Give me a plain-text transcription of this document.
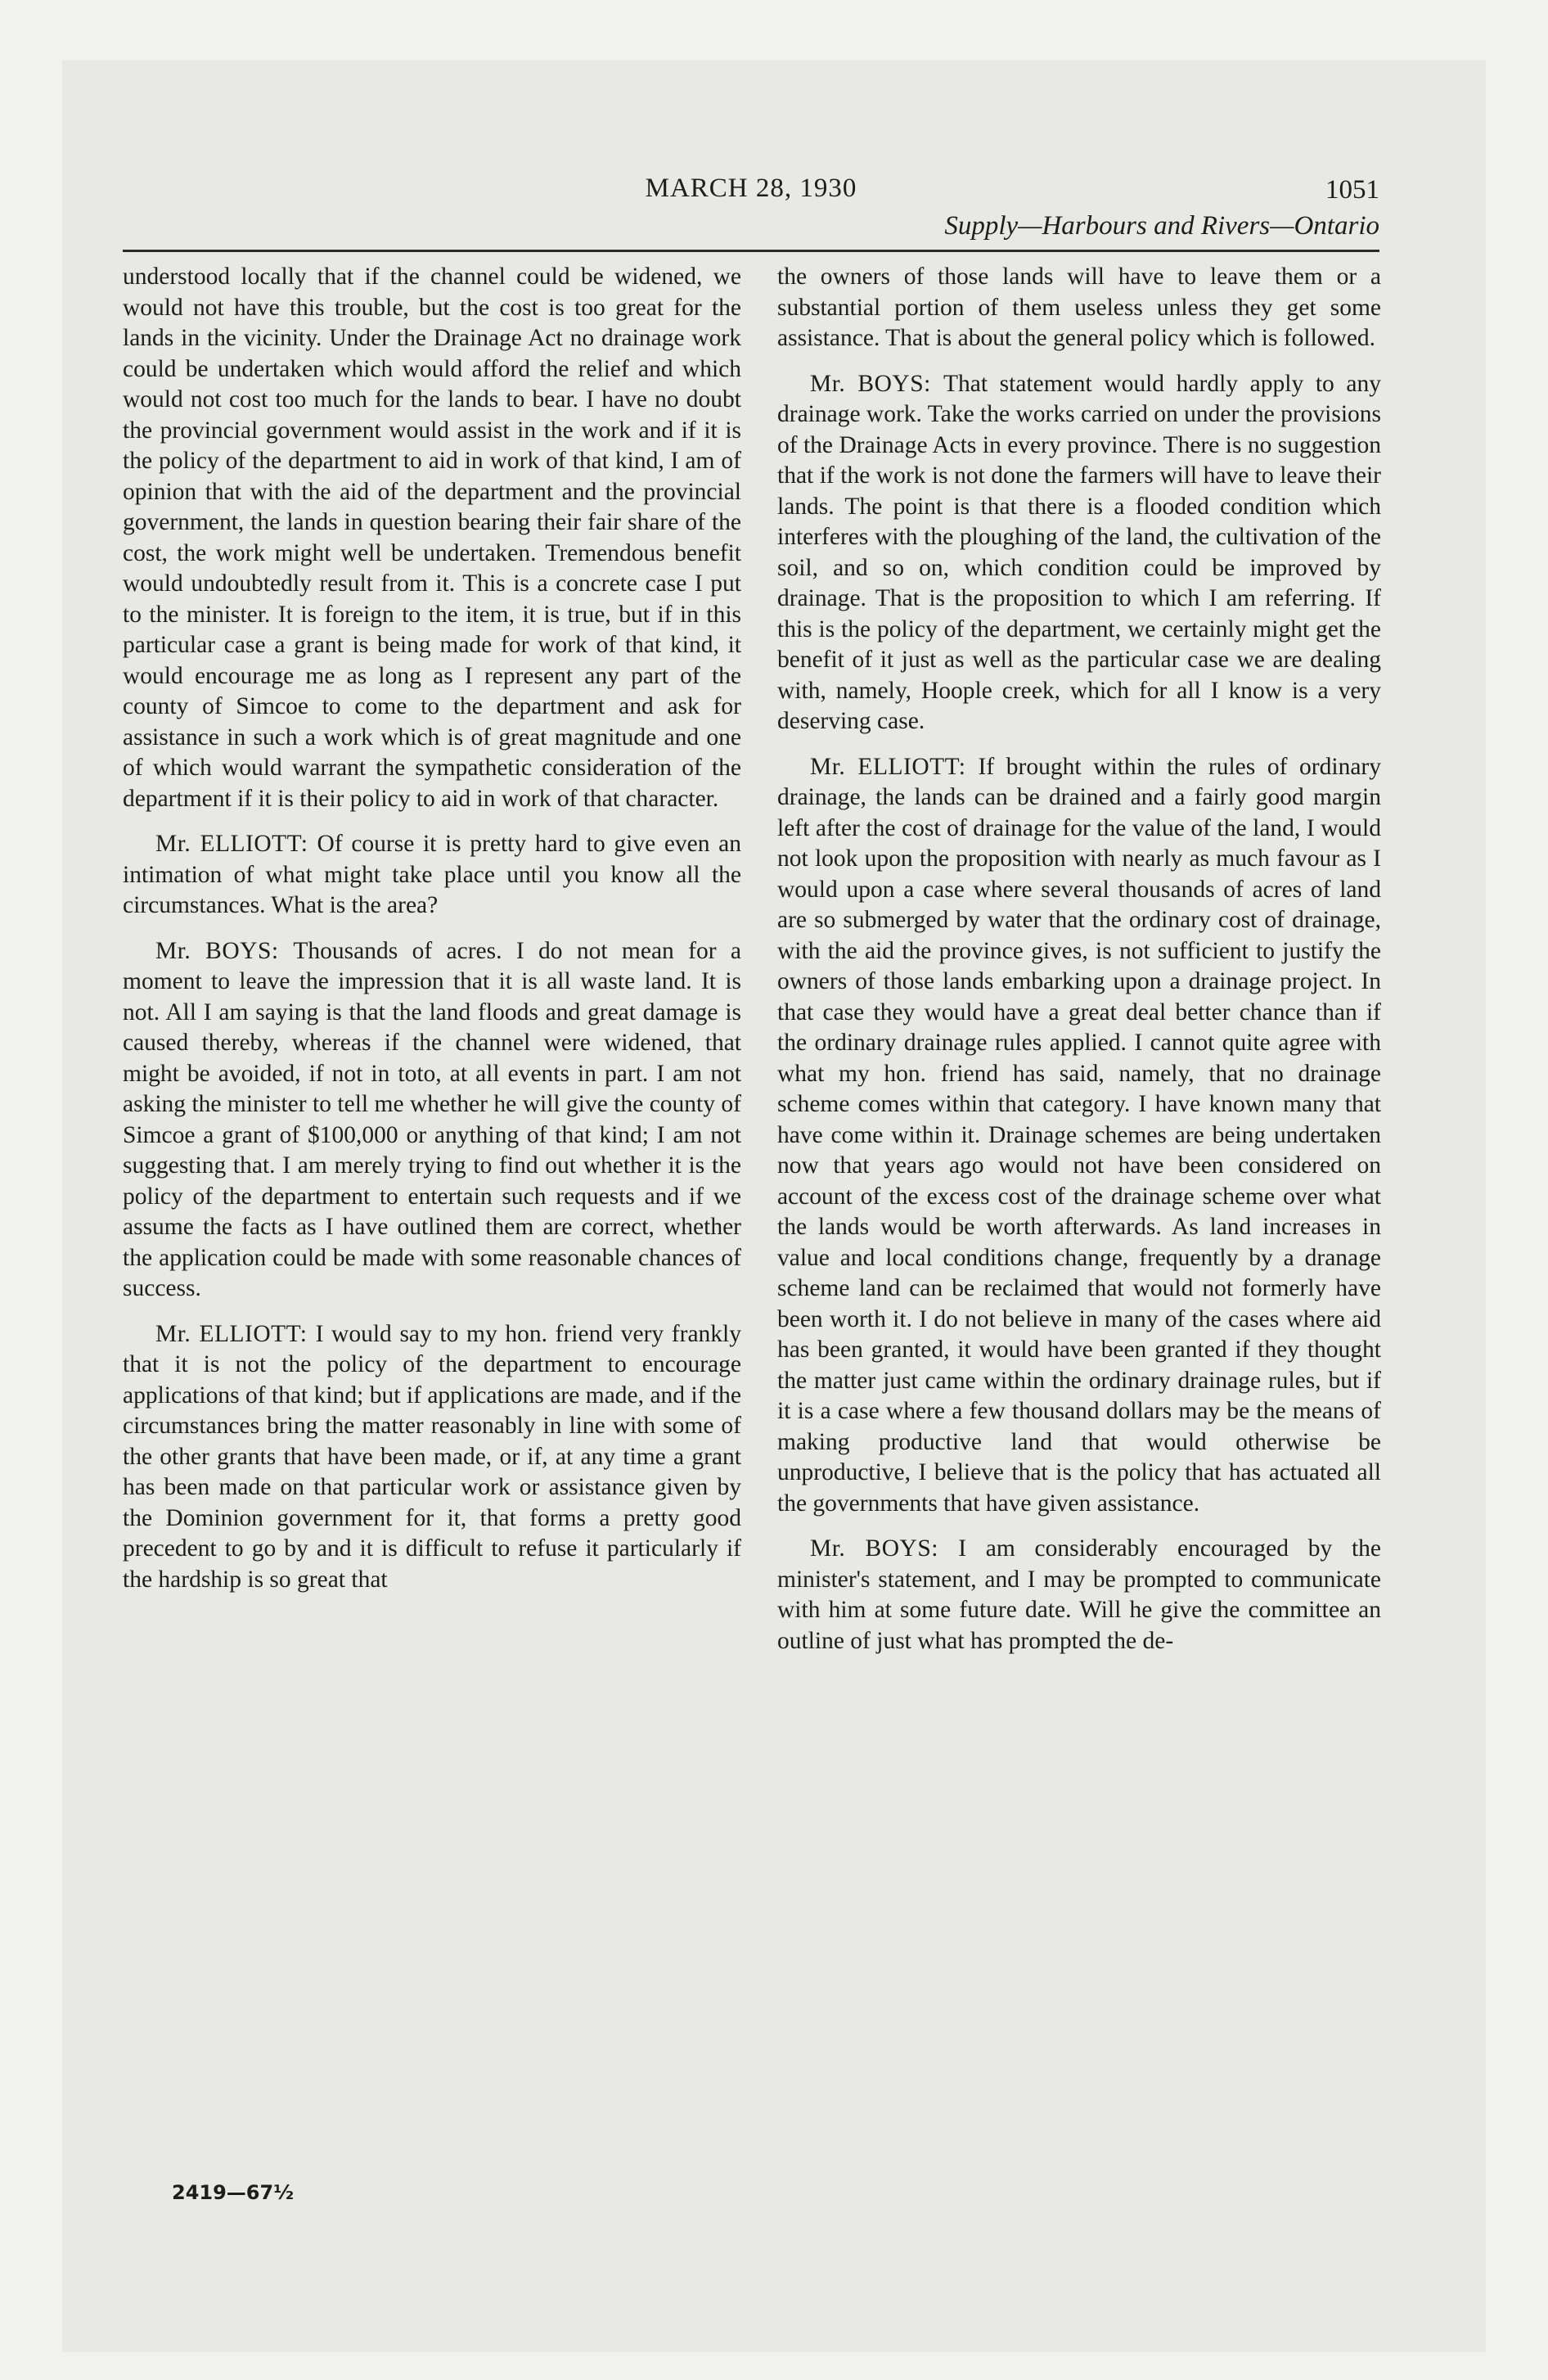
MARCH 28, 1930	1051
Supply—Harbours and Rivers—Ontario

understood locally that if the channel could be widened, we would not have this trouble, but the cost is too great for the lands in the vicinity. Under the Drainage Act no drainage work could be undertaken which would afford the relief and which would not cost too much for the lands to bear. I have no doubt the provincial government would assist in the work and if it is the policy of the department to aid in work of that kind, I am of opinion that with the aid of the department and the provincial government, the lands in question bearing their fair share of the cost, the work might well be undertaken. Tremendous benefit would undoubtedly result from it. This is a concrete case I put to the minister. It is foreign to the item, it is true, but if in this particular case a grant is being made for work of that kind, it would encourage me as long as I represent any part of the county of Simcoe to come to the department and ask for assistance in such a work which is of great magnitude and one of which would warrant the sympathetic consideration of the department if it is their policy to aid in work of that character.

Mr. ELLIOTT: Of course it is pretty hard to give even an intimation of what might take place until you know all the circumstances. What is the area?

Mr. BOYS: Thousands of acres. I do not mean for a moment to leave the impression that it is all waste land. It is not. All I am saying is that the land floods and great damage is caused thereby, whereas if the channel were widened, that might be avoided, if not in toto, at all events in part. I am not asking the minister to tell me whether he will give the county of Simcoe a grant of $100,000 or anything of that kind; I am not suggesting that. I am merely trying to find out whether it is the policy of the department to entertain such requests and if we assume the facts as I have outlined them are correct, whether the application could be made with some reasonable chances of success.

Mr. ELLIOTT: I would say to my hon. friend very frankly that it is not the policy of the department to encourage applications of that kind; but if applications are made, and if the circumstances bring the matter reasonably in line with some of the other grants that have been made, or if, at any time a grant has been made on that particular work or assistance given by the Dominion government for it, that forms a pretty good precedent to go by and it is difficult to refuse it particularly if the hardship is so great that

the owners of those lands will have to leave them or a substantial portion of them useless unless they get some assistance. That is about the general policy which is followed.

Mr. BOYS: That statement would hardly apply to any drainage work. Take the works carried on under the provisions of the Drainage Acts in every province. There is no suggestion that if the work is not done the farmers will have to leave their lands. The point is that there is a flooded condition which interferes with the ploughing of the land, the cultivation of the soil, and so on, which condition could be improved by drainage. That is the proposition to which I am referring. If this is the policy of the department, we certainly might get the benefit of it just as well as the particular case we are dealing with, namely, Hoople creek, which for all I know is a very deserving case.

Mr. ELLIOTT: If brought within the rules of ordinary drainage, the lands can be drained and a fairly good margin left after the cost of drainage for the value of the land, I would not look upon the proposition with nearly as much favour as I would upon a case where several thousands of acres of land are so submerged by water that the ordinary cost of drainage, with the aid the province gives, is not sufficient to justify the owners of those lands embarking upon a drainage project. In that case they would have a great deal better chance than if the ordinary drainage rules applied. I cannot quite agree with what my hon. friend has said, namely, that no drainage scheme comes within that category. I have known many that have come within it. Drainage schemes are being undertaken now that years ago would not have been considered on account of the excess cost of the drainage scheme over what the lands would be worth afterwards. As land increases in value and local conditions change, frequently by a dranage scheme land can be reclaimed that would not formerly have been worth it. I do not believe in many of the cases where aid has been granted, it would have been granted if they thought the matter just came within the ordinary drainage rules, but if it is a case where a few thousand dollars may be the means of making productive land that would otherwise be unproductive, I believe that is the policy that has actuated all the governments that have given assistance.

Mr. BOYS: I am considerably encouraged by the minister's statement, and I may be prompted to communicate with him at some future date. Will he give the committee an outline of just what has prompted the de-

2419—67½
